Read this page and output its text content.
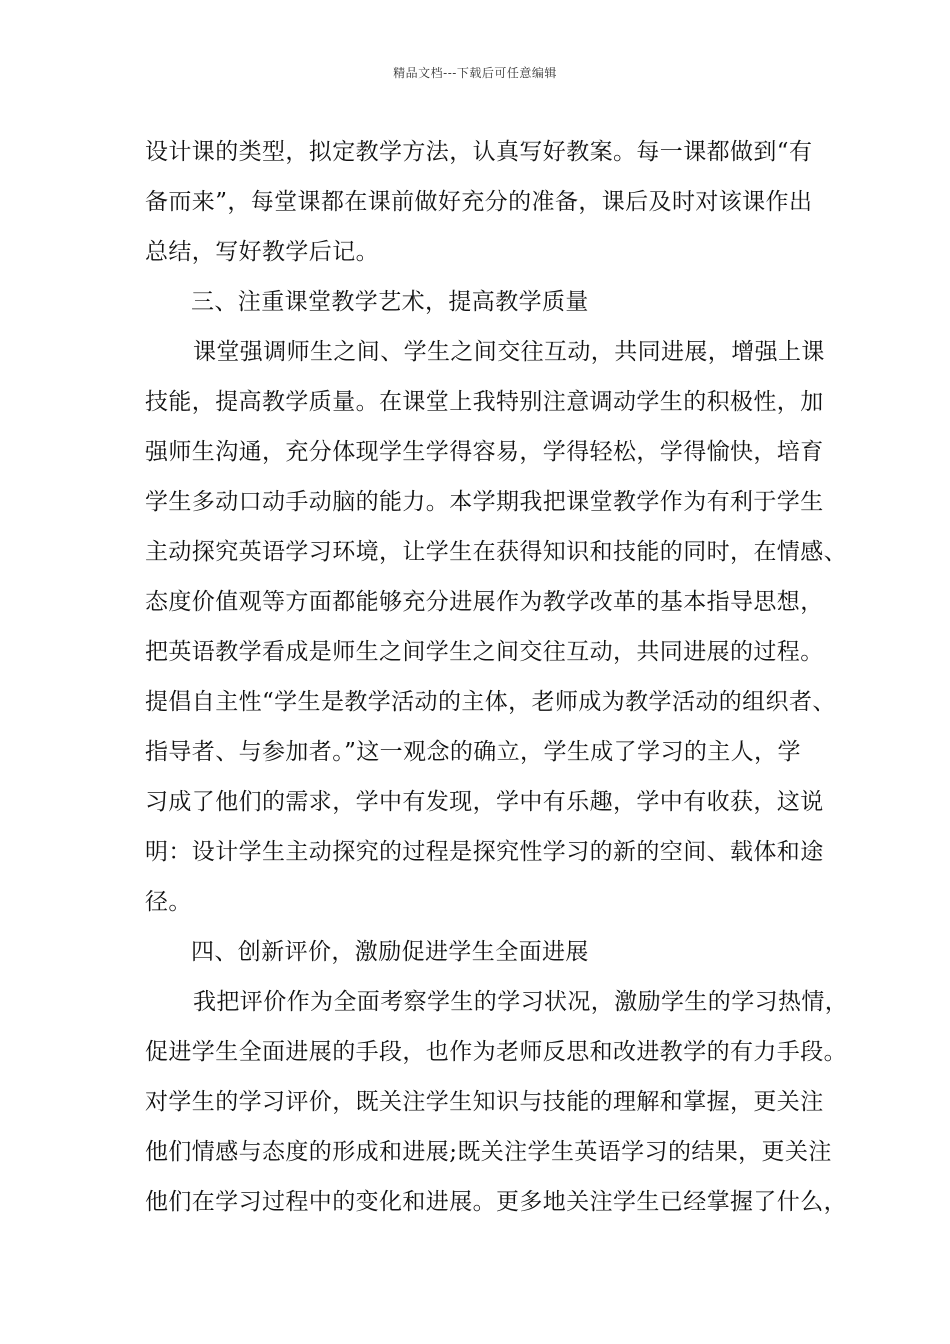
精品文档---下载后可任意编辑
设计课的类型，拟定教学方法，认真写好教案。每一课都做到“有
备而来”，每堂课都在课前做好充分的准备，课后及时对该课作出
总结，写好教学后记。
三、注重课堂教学艺术，提高教学质量
课堂强调师生之间、学生之间交往互动，共同进展，增强上课
技能，提高教学质量。在课堂上我特别注意调动学生的积极性，加
强师生沟通，充分体现学生学得容易，学得轻松，学得愉快，培育
学生多动口动手动脑的能力。本学期我把课堂教学作为有利于学生
主动探究英语学习环境，让学生在获得知识和技能的同时，在情感、
态度价值观等方面都能够充分进展作为教学改革的基本指导思想，
把英语教学看成是师生之间学生之间交往互动，共同进展的过程。
提倡自主性“学生是教学活动的主体，老师成为教学活动的组织者、
指导者、与参加者。”这一观念的确立，学生成了学习的主人，学
习成了他们的需求，学中有发现，学中有乐趣，学中有收获，这说
明：设计学生主动探究的过程是探究性学习的新的空间、载体和途
径。
四、创新评价，激励促进学生全面进展
我把评价作为全面考察学生的学习状况，激励学生的学习热情，
促进学生全面进展的手段，也作为老师反思和改进教学的有力手段。
对学生的学习评价，既关注学生知识与技能的理解和掌握，更关注
他们情感与态度的形成和进展;既关注学生英语学习的结果，更关注
他们在学习过程中的变化和进展。更多地关注学生已经掌握了什么，
